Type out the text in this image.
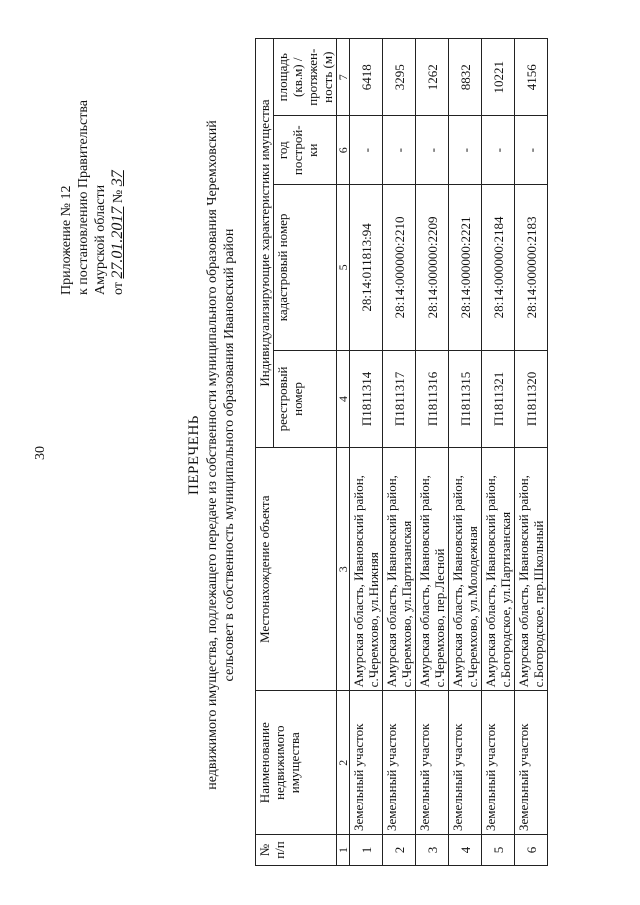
30
Приложение № 12 к постановлению Правительства Амурской области от 27.01.2017 № 37
ПЕРЕЧЕНЬ недвижимого имущества, подлежащего передаче из собственности муниципального образования Черемховский сельсовет в собственность муниципального образования Ивановский район
№ п/п	Наименование недвижимого имущества	Местонахождение объекта	Индивидуализирующие характеристики имущества			
			реестровый номер	кадастровый номер	год построй-ки	площадь (кв.м) / протяжен-ность (м)
1	2	3	4	5	6	7
1	Земельный участок	Амурская область, Ивановский район, с.Черемхово, ул.Нижняя	П1811314	28:14:011813:94	-	6418
2	Земельный участок	Амурская область, Ивановский район, с.Черемхово, ул.Партизанская	П1811317	28:14:000000:2210	-	3295
3	Земельный участок	Амурская область, Ивановский район, с.Черемхово, пер.Лесной	П1811316	28:14:000000:2209	-	1262
4	Земельный участок	Амурская область, Ивановский район, с.Черемхово, ул.Молодежная	П1811315	28:14:000000:2221	-	8832
5	Земельный участок	Амурская область, Ивановский район, с.Богородское, ул.Партизанская	П1811321	28:14:000000:2184	-	10221
6	Земельный участок	Амурская область, Ивановский район, с.Богородское, пер.Школьный	П1811320	28:14:000000:2183	-	4156
